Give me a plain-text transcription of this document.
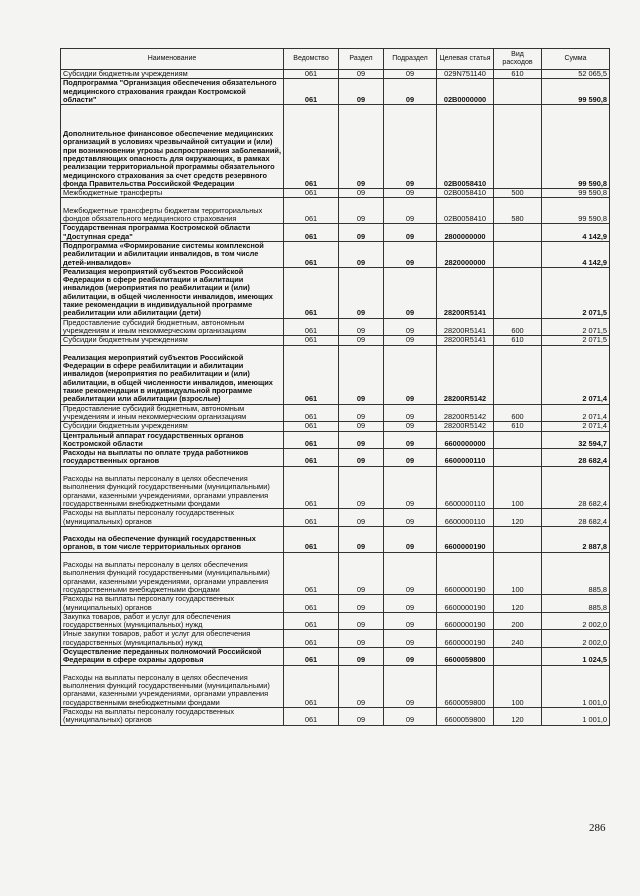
Наименование	Ведомство	Раздел	Подраздел	Целевая статья	Вид расходов	Сумма
Субсидии бюджетным учреждениям	061	09	09	029N751140	610	52 065,5
Подпрограмма "Организация обеспечения обязательного медицинского страхования граждан Костромской области"	061	09	09	02B0000000		99 590,8
Дополнительное финансовое обеспечение медицинских организаций в условиях чрезвычайной ситуации и (или) при возникновении угрозы распространения заболеваний, представляющих опасность для окружающих, в рамках реализации территориальной программы обязательного медицинского страхования за счет средств резервного фонда Правительства Российской Федерации	061	09	09	02B0058410		99 590,8
Межбюджетные трансферты	061	09	09	02B0058410	500	99 590,8
Межбюджетные трансферты бюджетам территориальных фондов обязательного медицинского страхования	061	09	09	02B0058410	580	99 590,8
Государственная программа Костромской области "Доступная среда"	061	09	09	2800000000		4 142,9
Подпрограмма «Формирование системы комплексной реабилитации и абилитации инвалидов, в том числе детей-инвалидов»	061	09	09	2820000000		4 142,9
Реализация мероприятий субъектов Российской Федерации в сфере реабилитации и абилитации инвалидов (мероприятия по реабилитации и (или) абилитации, в общей численности инвалидов, имеющих такие рекомендации в индивидуальной программе реабилитации или абилитации (дети)	061	09	09	28200R5141		2 071,5
Предоставление субсидий бюджетным, автономным учреждениям и иным некоммерческим организациям	061	09	09	28200R5141	600	2 071,5
Субсидии бюджетным учреждениям	061	09	09	28200R5141	610	2 071,5
Реализация мероприятий субъектов Российской Федерации в сфере реабилитации и абилитации инвалидов (мероприятия по реабилитации и (или) абилитации, в общей численности инвалидов, имеющих такие рекомендации в индивидуальной программе реабилитации или абилитации (взрослые)	061	09	09	28200R5142		2 071,4
Предоставление субсидий бюджетным, автономным учреждениям и иным некоммерческим организациям	061	09	09	28200R5142	600	2 071,4
Субсидии бюджетным учреждениям	061	09	09	28200R5142	610	2 071,4
Центральный аппарат государственных органов Костромской области	061	09	09	6600000000		32 594,7
Расходы на выплаты по оплате труда работников государственных органов	061	09	09	6600000110		28 682,4
Расходы на выплаты персоналу в целях обеспечения выполнения функций государственными (муниципальными) органами, казенными учреждениями, органами управления государственными внебюджетными фондами	061	09	09	6600000110	100	28 682,4
Расходы на выплаты персоналу государственных (муниципальных) органов	061	09	09	6600000110	120	28 682,4
Расходы на обеспечение функций государственных органов, в том числе территориальных органов	061	09	09	6600000190		2 887,8
Расходы на выплаты персоналу в целях обеспечения выполнения функций государственными (муниципальными) органами, казенными учреждениями, органами управления государственными внебюджетными фондами	061	09	09	6600000190	100	885,8
Расходы на выплаты персоналу государственных (муниципальных) органов	061	09	09	6600000190	120	885,8
Закупка товаров, работ и услуг для обеспечения государственных (муниципальных) нужд	061	09	09	6600000190	200	2 002,0
Иные закупки товаров, работ и услуг для обеспечения государственных (муниципальных) нужд	061	09	09	6600000190	240	2 002,0
Осуществление переданных полномочий Российской Федерации в сфере охраны здоровья	061	09	09	6600059800		1 024,5
Расходы на выплаты персоналу в целях обеспечения выполнения функций государственными (муниципальными) органами, казенными учреждениями, органами управления государственными внебюджетными фондами	061	09	09	6600059800	100	1 001,0
Расходы на выплаты персоналу государственных (муниципальных) органов	061	09	09	6600059800	120	1 001,0
286
